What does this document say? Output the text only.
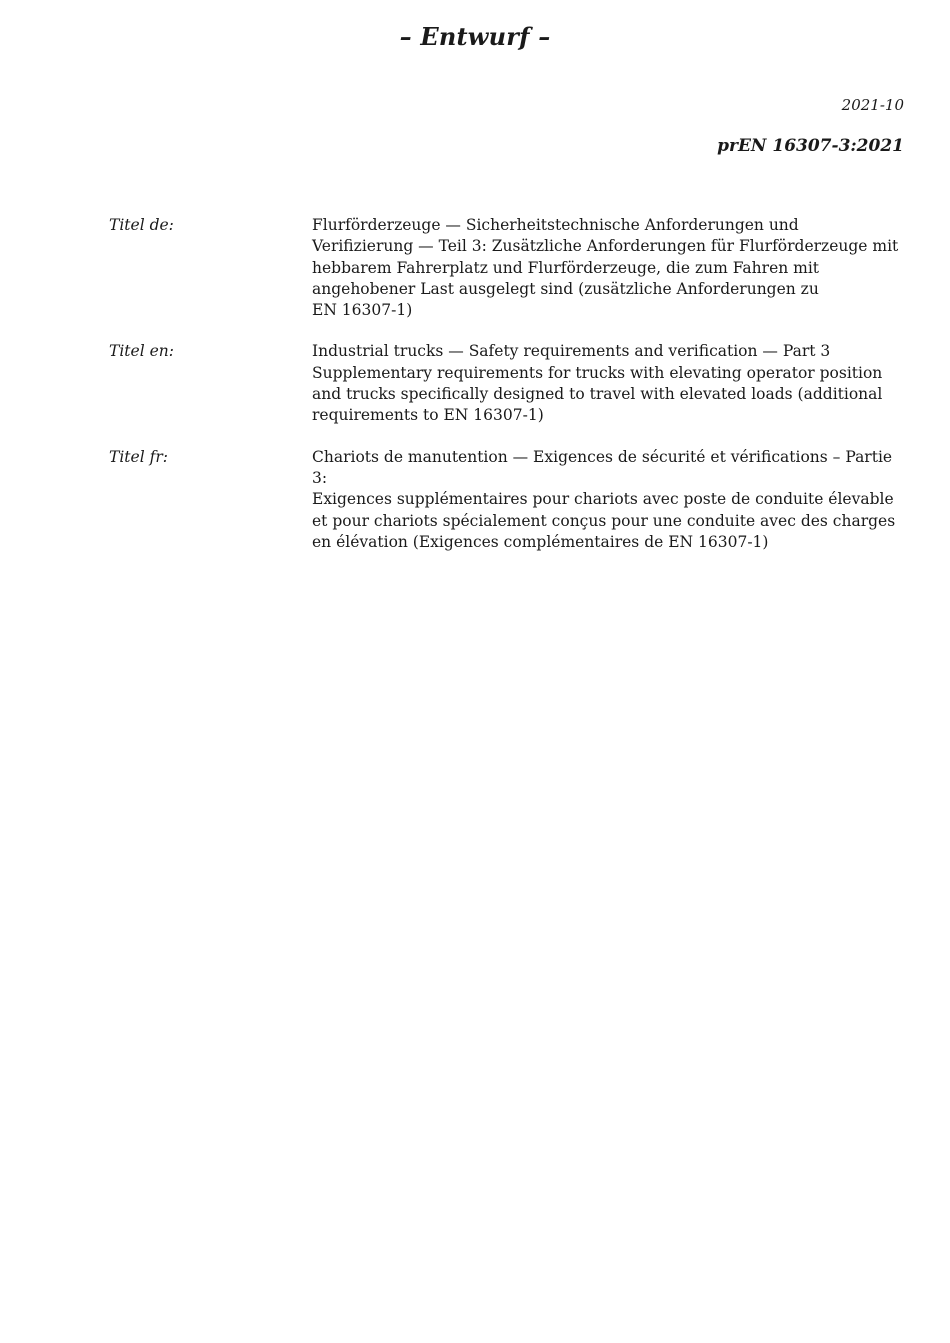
– Entwurf –
2021-10
prEN 16307-3:2021
Titel de:	Flurförderzeuge — Sicherheitstechnische Anforderungen und
Verifizierung — Teil 3: Zusätzliche Anforderungen für Flurförderzeuge mit
hebbarem Fahrerplatz und Flurförderzeuge, die zum Fahren mit
angehobener Last ausgelegt sind (zusätzliche Anforderungen zu
EN 16307-1)
Titel en:	Industrial trucks — Safety requirements and verification — Part 3
Supplementary requirements for trucks with elevating operator position
and trucks specifically designed to travel with elevated loads (additional
requirements to EN 16307-1)
Titel fr:	Chariots de manutention — Exigences de sécurité et vérifications – Partie 3:
Exigences supplémentaires pour chariots avec poste de conduite élevable
et pour chariots spécialement conçus pour une conduite avec des charges
en élévation (Exigences complémentaires de EN 16307-1)
